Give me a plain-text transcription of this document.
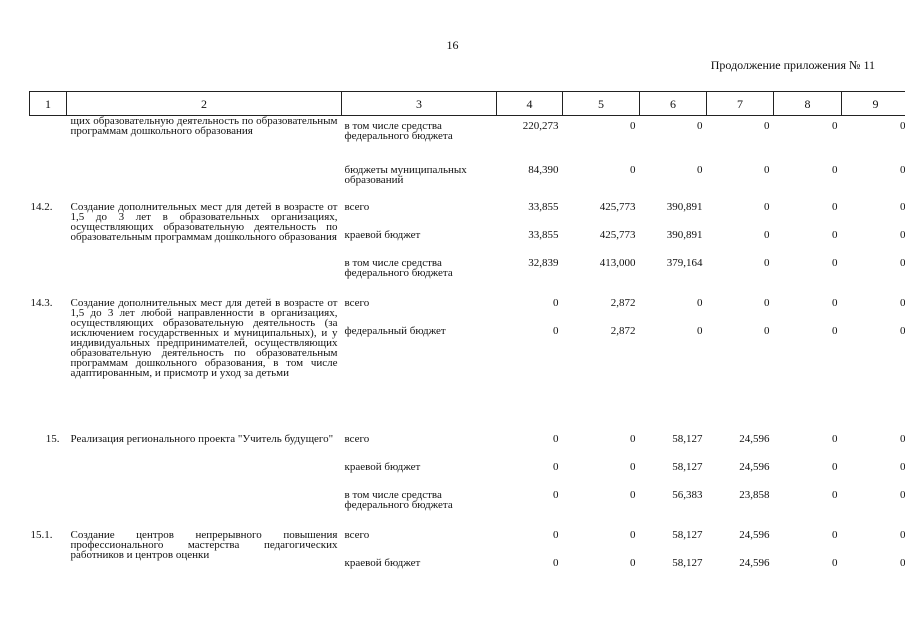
16
Продолжение приложения № 11
1	2	3	4	5	6	7	8	9
	щих образовательную деятельность по образовательным программам дошкольного образования	в том числе средства федерального бюджета	220,273	0	0	0	0	0
		бюджеты муниципальных образований	84,390	0	0	0	0	0
14.2.	Создание дополнительных мест для детей в возрасте от 1,5 до 3 лет в образовательных организациях, осуществляющих образовательную деятельность по образовательным программам дошкольного образования	всего	33,855	425,773	390,891	0	0	0
		краевой бюджет	33,855	425,773	390,891	0	0	0
		в том числе средства федерального бюджета	32,839	413,000	379,164	0	0	0
14.3.	Создание дополнительных мест для детей в возрасте от 1,5 до 3 лет любой направленности в организациях, осуществляющих образовательную деятельность (за исключением государственных и муниципальных), и у индивидуальных предпринимателей, осуществляющих образовательную деятельность по образовательным программам дошкольного образования, в том числе адаптированным, и присмотр и уход за детьми	всего	0	2,872	0	0	0	0
		федеральный бюджет	0	2,872	0	0	0	0
15.	Реализация регионального проекта "Учитель будущего"	всего	0	0	58,127	24,596	0	0
		краевой бюджет	0	0	58,127	24,596	0	0
		в том числе средства федерального бюджета	0	0	56,383	23,858	0	0
15.1.	Создание центров непрерывного повышения профессионального мастерства педагогических работников и центров оценки	всего	0	0	58,127	24,596	0	0
		краевой бюджет	0	0	58,127	24,596	0	0
